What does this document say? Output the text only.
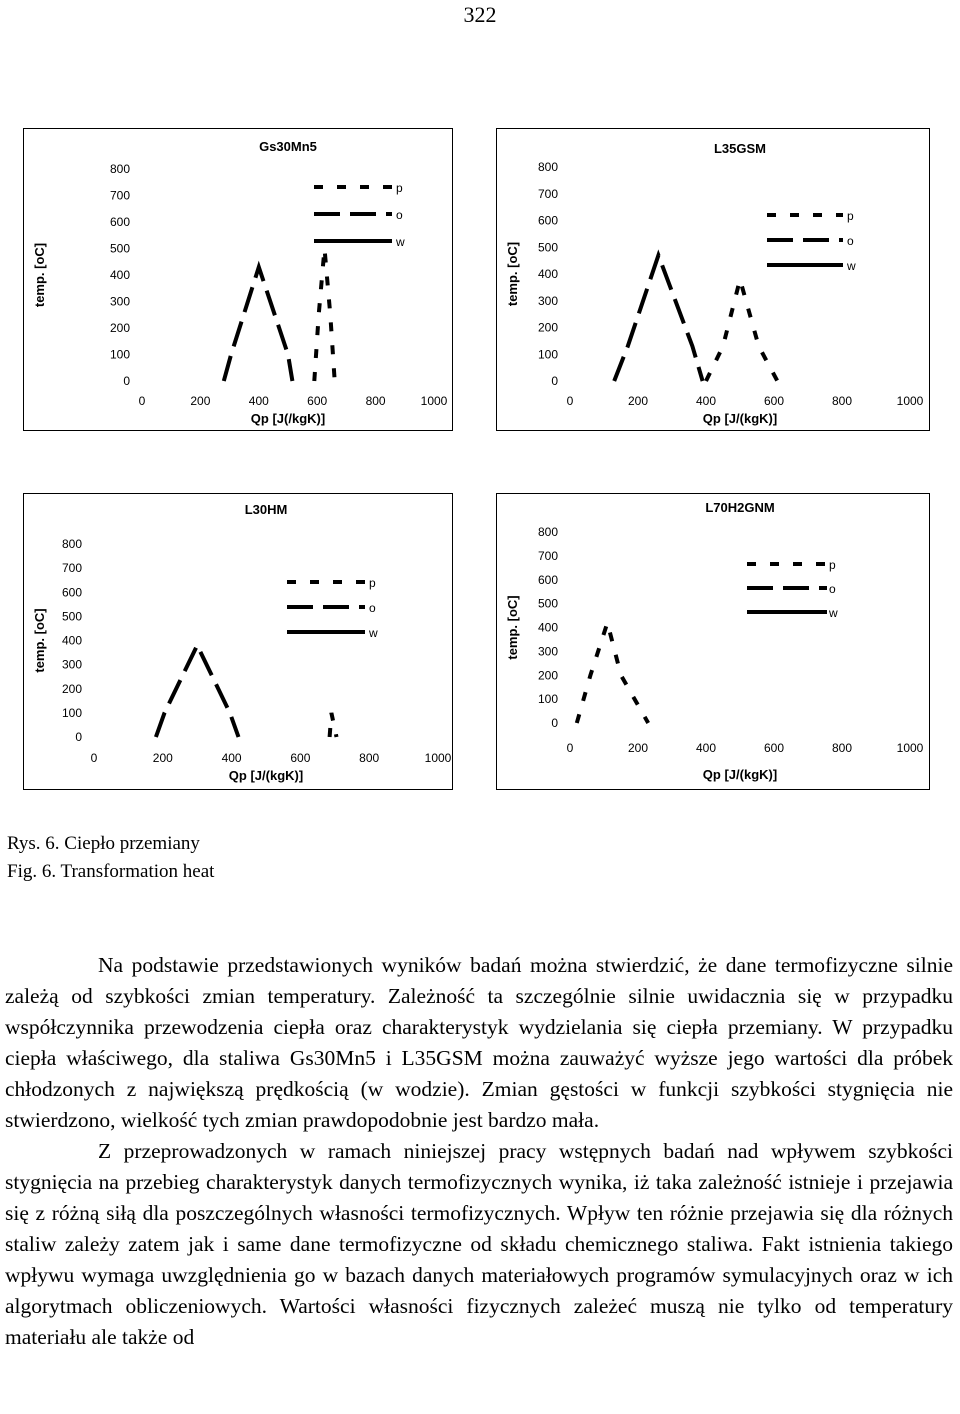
322
Gs30Mn5
0
100
200
300
400
500
600
700
800
0	200	400	600	800	1000
Qp [J(/kgK)]
temp. [oC]
p
o
w
L35GSM
0
100
200
300
400
500
600
700
800
0	200	400	600	800	1000
Qp [J/(kgK)]
temp. [oC]
p
o
w
L30HM
0
100
200
300
400
500
600
700
800
0	200	400	600	800	1000
Qp [J/(kgK)]
temp. [oC]
p
o
w
L70H2GNM
0
100
200
300
400
500
600
700
800
0	200	400	600	800	1000
Qp [J/(kgK)]
temp. [oC]
p
o
w
Rys. 6. Ciepło przemiany
Fig. 6. Transformation heat

Na podstawie przedstawionych wyników badań można stwierdzić, że dane termofizyczne silnie zależą od szybkości zmian temperatury. Zależność ta szczególnie silnie uwidacznia się w przypadku współczynnika przewodzenia ciepła oraz charakterystyk wydzielania się ciepła przemiany. W przypadku ciepła właściwego, dla staliwa Gs30Mn5 i L35GSM można zauważyć wyższe jego wartości dla próbek chłodzonych z największą prędkością (w wodzie). Zmian gęstości w funkcji szybkości stygnięcia nie stwierdzono, wielkość tych zmian prawdopodobnie jest bardzo mała.

Z przeprowadzonych w ramach niniejszej pracy wstępnych badań nad wpływem szybkości stygnięcia na przebieg charakterystyk danych termofizycznych wynika, iż taka zależność istnieje i przejawia się z różną siłą dla poszczególnych własności termofizycznych. Wpływ ten różnie przejawia się dla różnych staliw zależy zatem jak i same dane termofizyczne od składu chemicznego staliwa. Fakt istnienia takiego wpływu wymaga uwzględnienia go w bazach danych materiałowych programów symulacyjnych oraz w ich algorytmach obliczeniowych. Wartości własności fizycznych zależeć muszą nie tylko od temperatury materiału ale także od
